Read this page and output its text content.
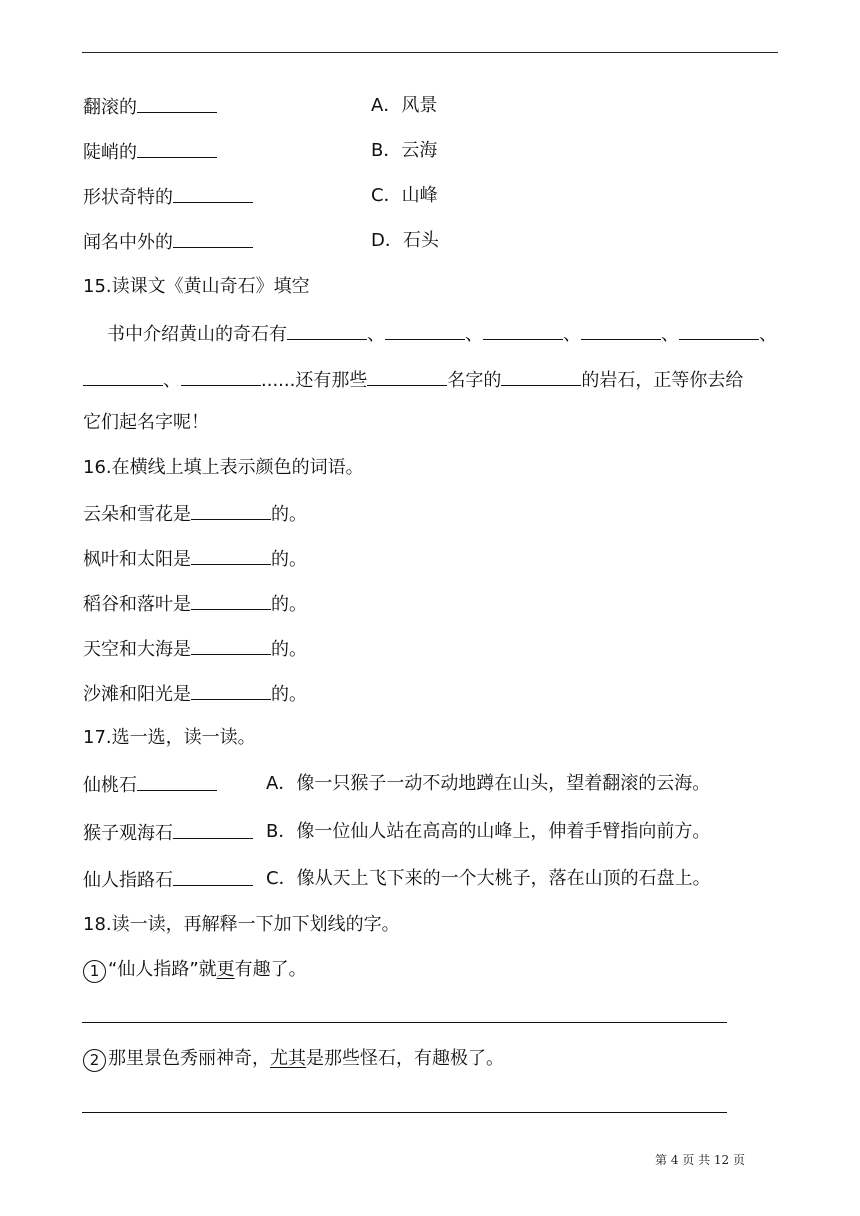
翻滚的	A．风景
陡峭的	B．云海
形状奇特的	C．山峰
闻名中外的	D．石头
15.读课文《黄山奇石》填空
书中介绍黄山的奇石有	、	、	、	、	、
、	......还有那些	名字的	的岩石，正等你去给
它们起名字呢！
16.在横线上填上表示颜色的词语。
云朵和雪花是	的。
枫叶和太阳是	的。
稻谷和落叶是	的。
天空和大海是	的。
沙滩和阳光是	的。
17.选一选，读一读。
仙桃石	A．像一只猴子一动不动地蹲在山头，望着翻滚的云海。
猴子观海石	B．像一位仙人站在高高的山峰上，伸着手臂指向前方。
仙人指路石	C．像从天上飞下来的一个大桃子，落在山顶的石盘上。
18.读一读，再解释一下加下划线的字。
1 “仙人指路”就更有趣了。
2 那里景色秀丽神奇，尤其是那些怪石，有趣极了。
第 4 页 共 12 页
